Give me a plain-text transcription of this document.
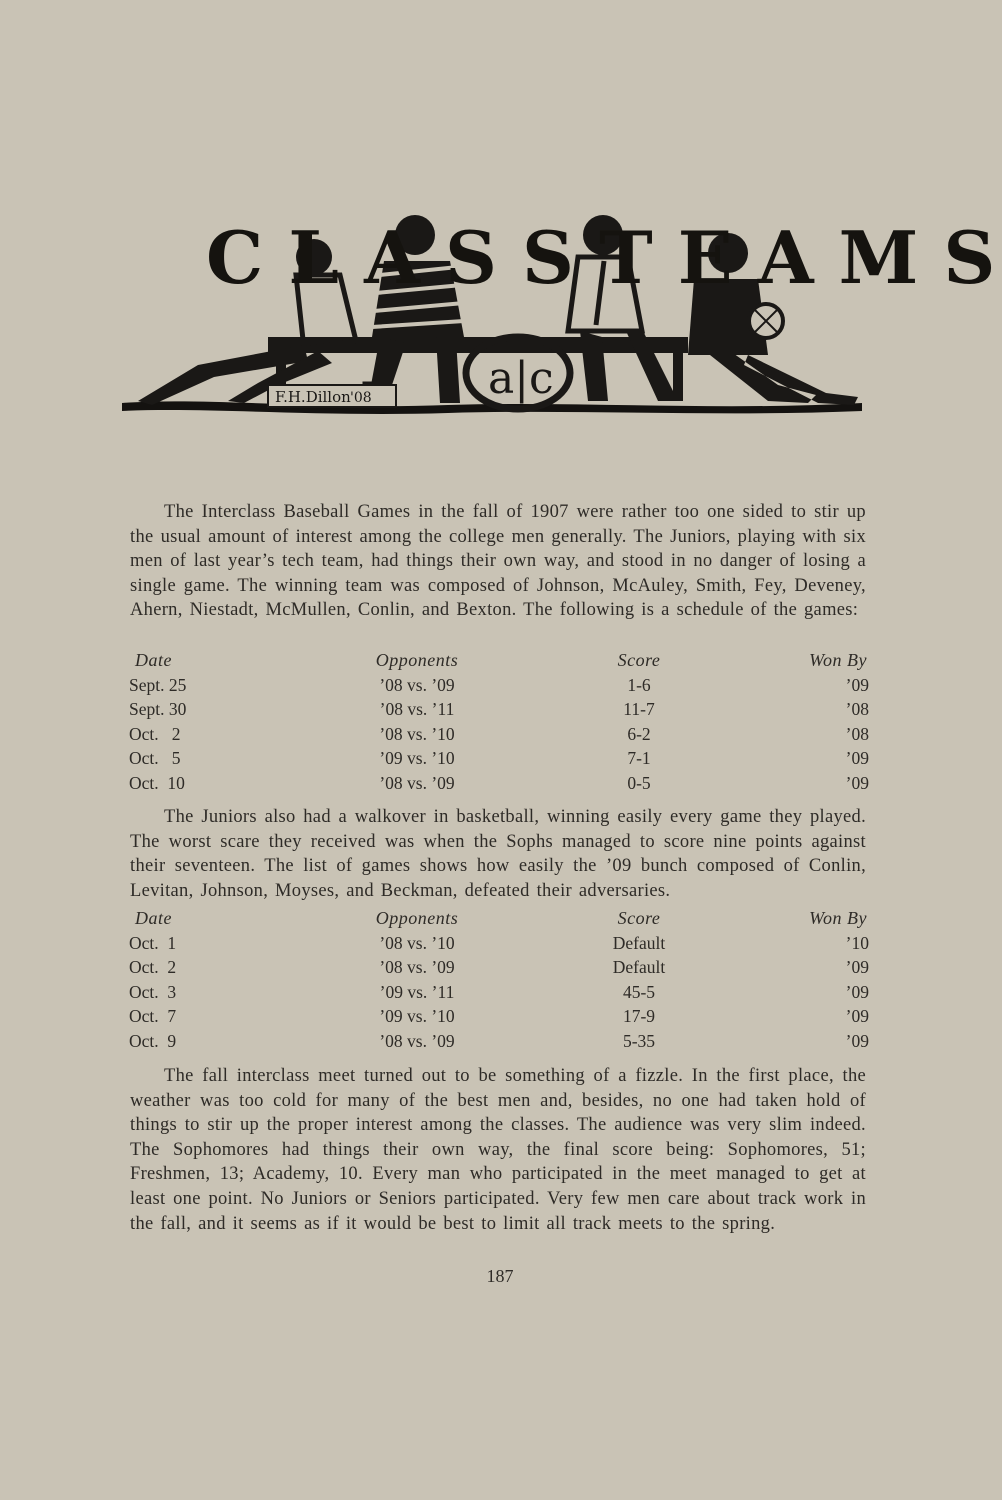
a|c
C L A S S T E A M S
F.H.Dillon '08
The Interclass Baseball Games in the fall of 1907 were rather too one sided to stir up the usual amount of interest among the college men generally. The Juniors, playing with six men of last year’s tech team, had things their own way, and stood in no danger of losing a single game. The winning team was composed of Johnson, McAuley, Smith, Fey, Deveney, Ahern, Niestadt, McMullen, Conlin, and Bexton. The following is a schedule of the games:
Date	Opponents	Score	Won By
Sept. 25	’08 vs. ’09	1-6	’09
Sept. 30	’08 vs. ’11	11-7	’08
Oct.   2	’08 vs. ’10	6-2	’08
Oct.   5	’09 vs. ’10	7-1	’09
Oct.  10	’08 vs. ’09	0-5	’09
The Juniors also had a walkover in basketball, winning easily every game they played. The worst scare they received was when the Sophs managed to score nine points against their seventeen. The list of games shows how easily the ’09 bunch composed of Conlin, Levitan, Johnson, Moyses, and Beckman, defeated their adversaries.
Date	Opponents	Score	Won By
Oct.  1	’08 vs. ’10	Default	’10
Oct.  2	’08 vs. ’09	Default	’09
Oct.  3	’09 vs. ’11	45-5	’09
Oct.  7	’09 vs. ’10	17-9	’09
Oct.  9	’08 vs. ’09	5-35	’09
The fall interclass meet turned out to be something of a fizzle. In the first place, the weather was too cold for many of the best men and, besides, no one had taken hold of things to stir up the proper interest among the classes. The audience was very slim indeed. The Sophomores had things their own way, the final score being: Sophomores, 51; Freshmen, 13; Academy, 10. Every man who participated in the meet managed to get at least one point. No Juniors or Seniors participated. Very few men care about track work in the fall, and it seems as if it would be best to limit all track meets to the spring.
187
